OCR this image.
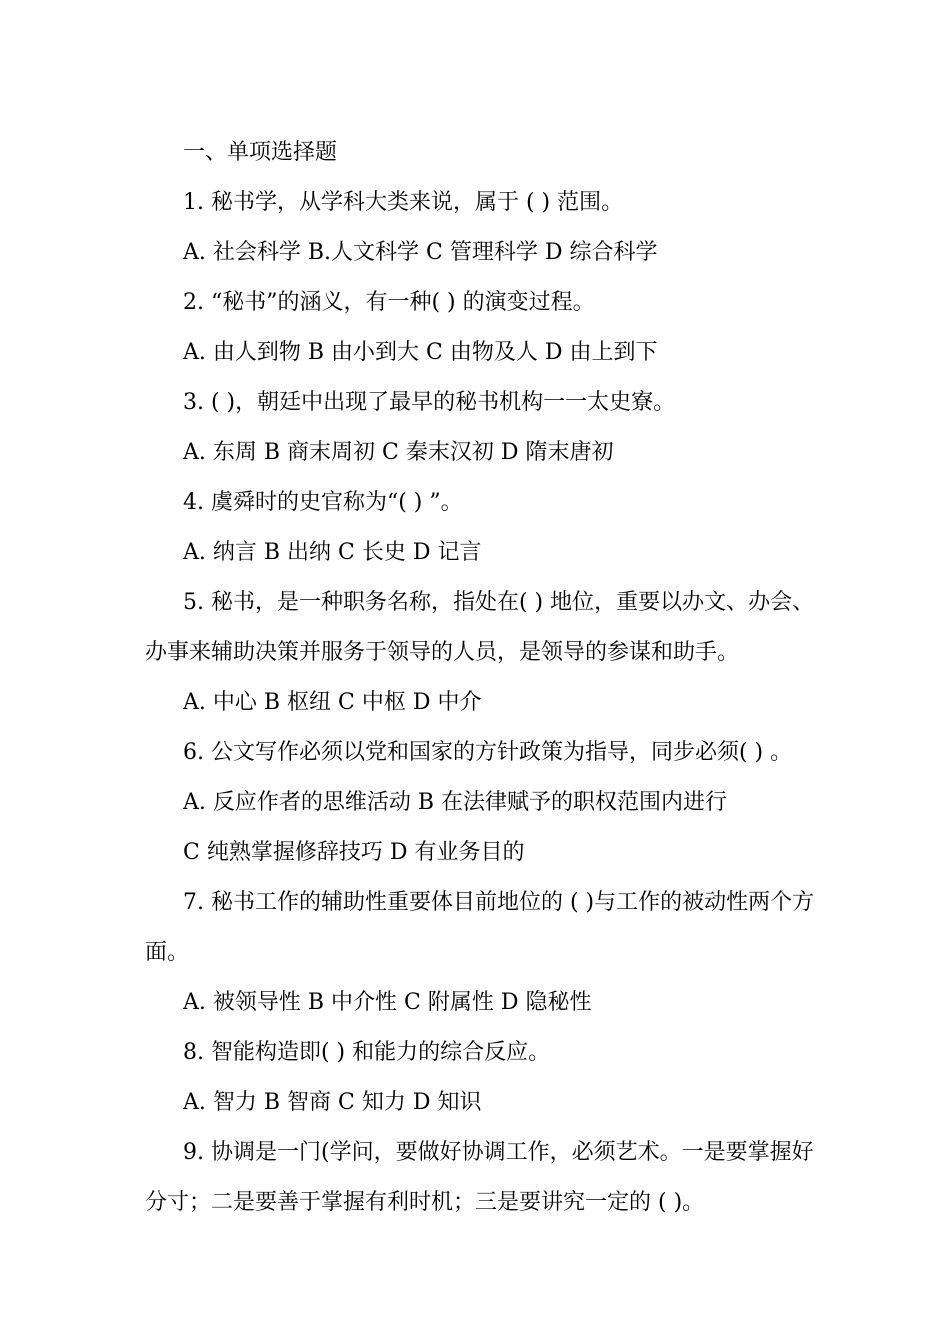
一、单项选择题
1. 秘书学，从学科大类来说，属于 ( ) 范围。
A. 社会科学 B.人文科学 C 管理科学 D 综合科学
2. “秘书”的涵义，有一种( ) 的演变过程。
A. 由人到物 B 由小到大 C 由物及人 D 由上到下
3. ( )，朝廷中出现了最早的秘书机构一一太史寮。
A. 东周 B 商末周初 C 秦末汉初 D 隋末唐初
4. 虞舜时的史官称为“( ) ”。
A. 纳言 B 出纳 C 长史 D 记言
5. 秘书，是一种职务名称，指处在( ) 地位，重要以办文、办会、办事来辅助决策并服务于领导的人员，是领导的参谋和助手。
A. 中心 B 枢纽 C 中枢 D 中介
6. 公文写作必须以党和国家的方针政策为指导，同步必须( ) 。
A. 反应作者的思维活动 B 在法律赋予的职权范围内进行
C 纯熟掌握修辞技巧 D 有业务目的
7. 秘书工作的辅助性重要体目前地位的 ( )与工作的被动性两个方面。
A. 被领导性 B 中介性 C 附属性 D 隐秘性
8. 智能构造即( ) 和能力的综合反应。
A. 智力 B 智商 C 知力 D 知识
9. 协调是一门(学问，要做好协调工作，必须艺术。一是要掌握好分寸；二是要善于掌握有利时机；三是要讲究一定的 ( )。
